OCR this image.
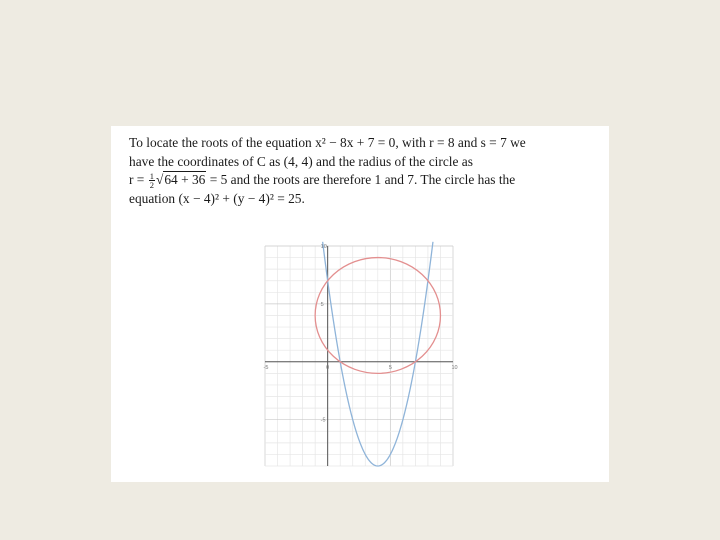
To locate the roots of the equation x² − 8x + 7 = 0, with r = 8 and s = 7 we
have the coordinates of C as (4, 4) and the radius of the circle as
$r = \frac{1}{2} √64 + 36 = 5$ and the roots are therefore 1 and 7. The circle has the
equation (x − 4)² + (y − 4)² = 25.
-5	0	5	10
10
5
-5
